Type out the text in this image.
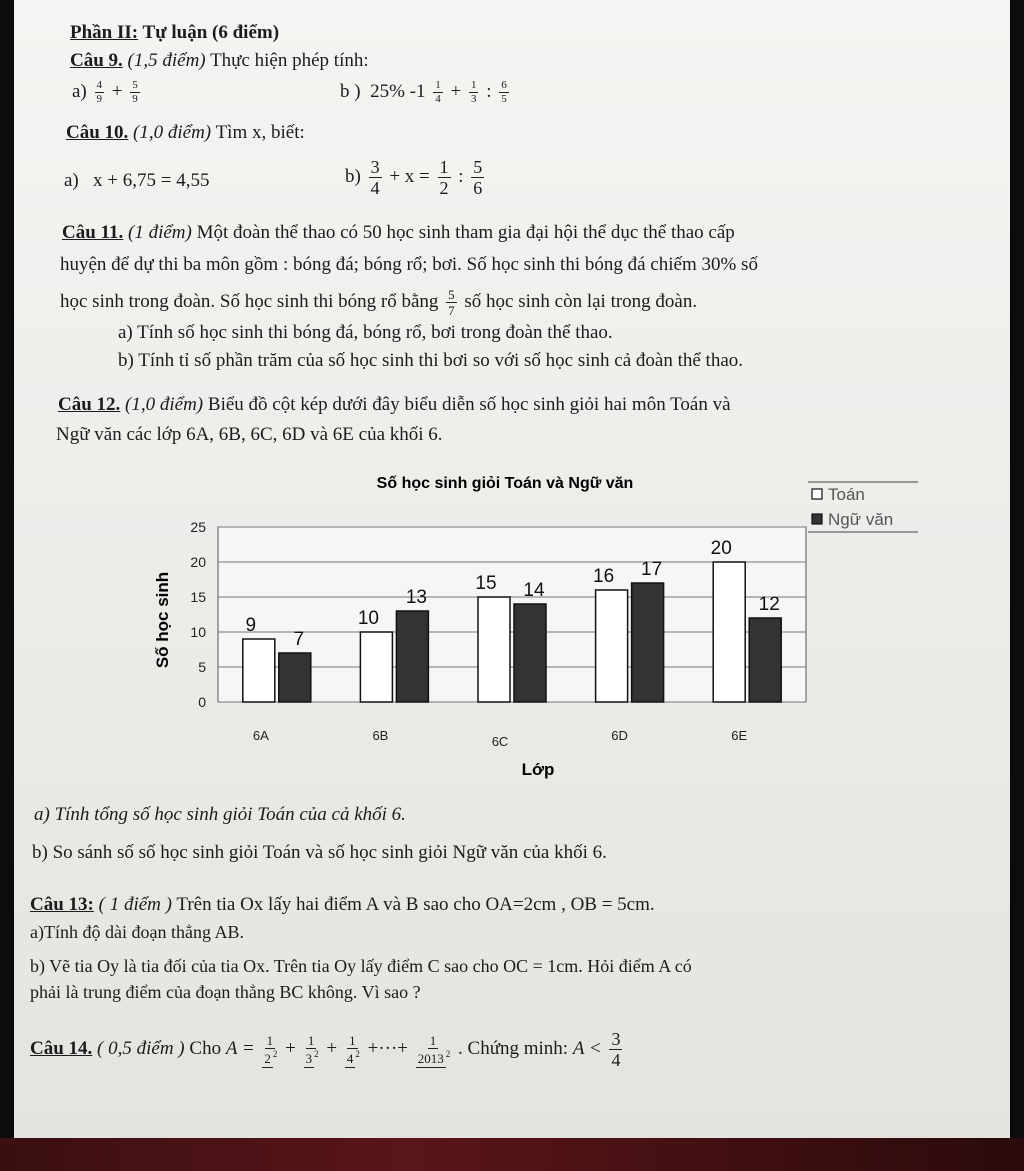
Phần II: Tự luận (6 điểm)
Câu 9. (1,5 điểm) Thực hiện phép tính:
$a) \frac{4}{9} + \frac{5}{9}$	b ) 25% $-1 \frac{1}{4} + \frac{1}{3}$ : $\frac{6}{5}$
Câu 10. (1,0 điểm) Tìm x, biết:
a) x + 6,75 = 4,55	$b) \frac{3}{4} + x = \frac{1}{2}$ : $\frac{5}{6}$
Câu 11. (1 điểm) Một đoàn thể thao có 50 học sinh tham gia đại hội thể dục thể thao cấp
huyện để dự thi ba môn gồm : bóng đá; bóng rổ; bơi. Số học sinh thi bóng đá chiếm 30% số
học sinh trong đoàn. Số học sinh thi bóng rổ bằng $\frac{5}{7}$ số học sinh còn lại trong đoàn.
a) Tính số học sinh thi bóng đá, bóng rổ, bơi trong đoàn thể thao.
b) Tính tỉ số phần trăm của số học sinh thi bơi so với số học sinh cả đoàn thể thao.
Câu 12. (1,0 điểm) Biểu đồ cột kép dưới đây biểu diễn số học sinh giỏi hai môn Toán và
Ngữ văn các lớp 6A, 6B, 6C, 6D và 6E của khối 6.
Số học sinh giỏi Toán và Ngữ văn
0
5
10
15
20
25
9
7
6A
10
13
6B
15 14
6C
16 17
6D
20
12
6E
Toán
Ngữ văn
Lớp
Số học sinh
a) Tính tổng số học sinh giỏi Toán của cả khối 6.
b) So sánh số số học sinh giỏi Toán và số học sinh giỏi Ngữ văn của khối 6.
Câu 13: ( 1 điểm ) Trên tia Ox lấy hai điểm A và B sao cho OA=2cm , OB = 5cm.
a)Tính độ dài đoạn thẳng AB.
b) Vẽ tia Oy là tia đối của tia Ox. Trên tia Oy lấy điểm C sao cho OC = 1cm. Hỏi điểm A có
phải là trung điểm của đoạn thẳng BC không. Vì sao ?
Câu 14. ( 0,5 điểm ) Cho $A = \frac{1}{2 ^2} + \frac{1}{3 ^2} + \frac{1}{4 ^2}$ +···+ $\frac{1}{2013 ^2}$ . Chứng minh: $A < \frac{3}{4}$
